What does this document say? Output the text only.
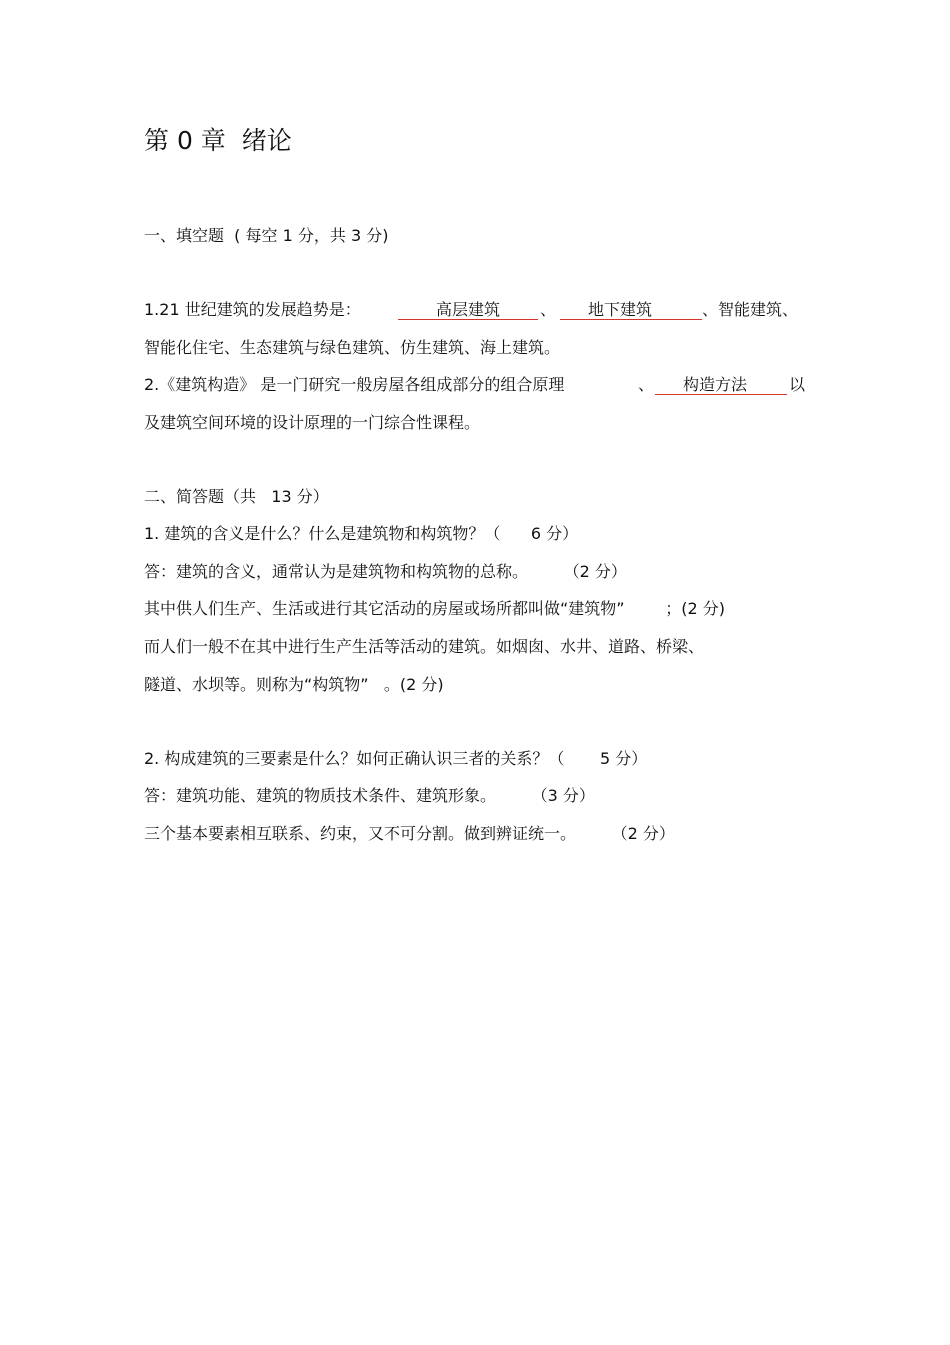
第 0 章  绪论
一、填空题  ( 每空 1 分，共 3 分)
1.21 世纪建筑的发展趋势是：	高层建筑 、 地下建筑	、智能建筑、
智能化住宅、生态建筑与绿色建筑、仿生建筑、海上建筑。
2.《建筑构造》 是一门研究一般房屋各组成部分的组合原理	、 构造方法	以
及建筑空间环境的设计原理的一门综合性课程。
二、简答题（共   13 分）
1. 建筑的含义是什么？什么是建筑物和构筑物？（      6 分）
答：建筑的含义，通常认为是建筑物和构筑物的总称。       （2 分）
其中供人们生产、生活或进行其它活动的房屋或场所都叫做“建筑物”        ；(2 分)
而人们一般不在其中进行生产生活等活动的建筑。如烟囱、水井、道路、桥梁、
隧道、水坝等。则称为“构筑物”   。(2 分)
2. 构成建筑的三要素是什么？如何正确认识三者的关系？（       5 分）
答：建筑功能、建筑的物质技术条件、建筑形象。       （3 分）
三个基本要素相互联系、约束，又不可分割。做到辨证统一。       （2 分）
